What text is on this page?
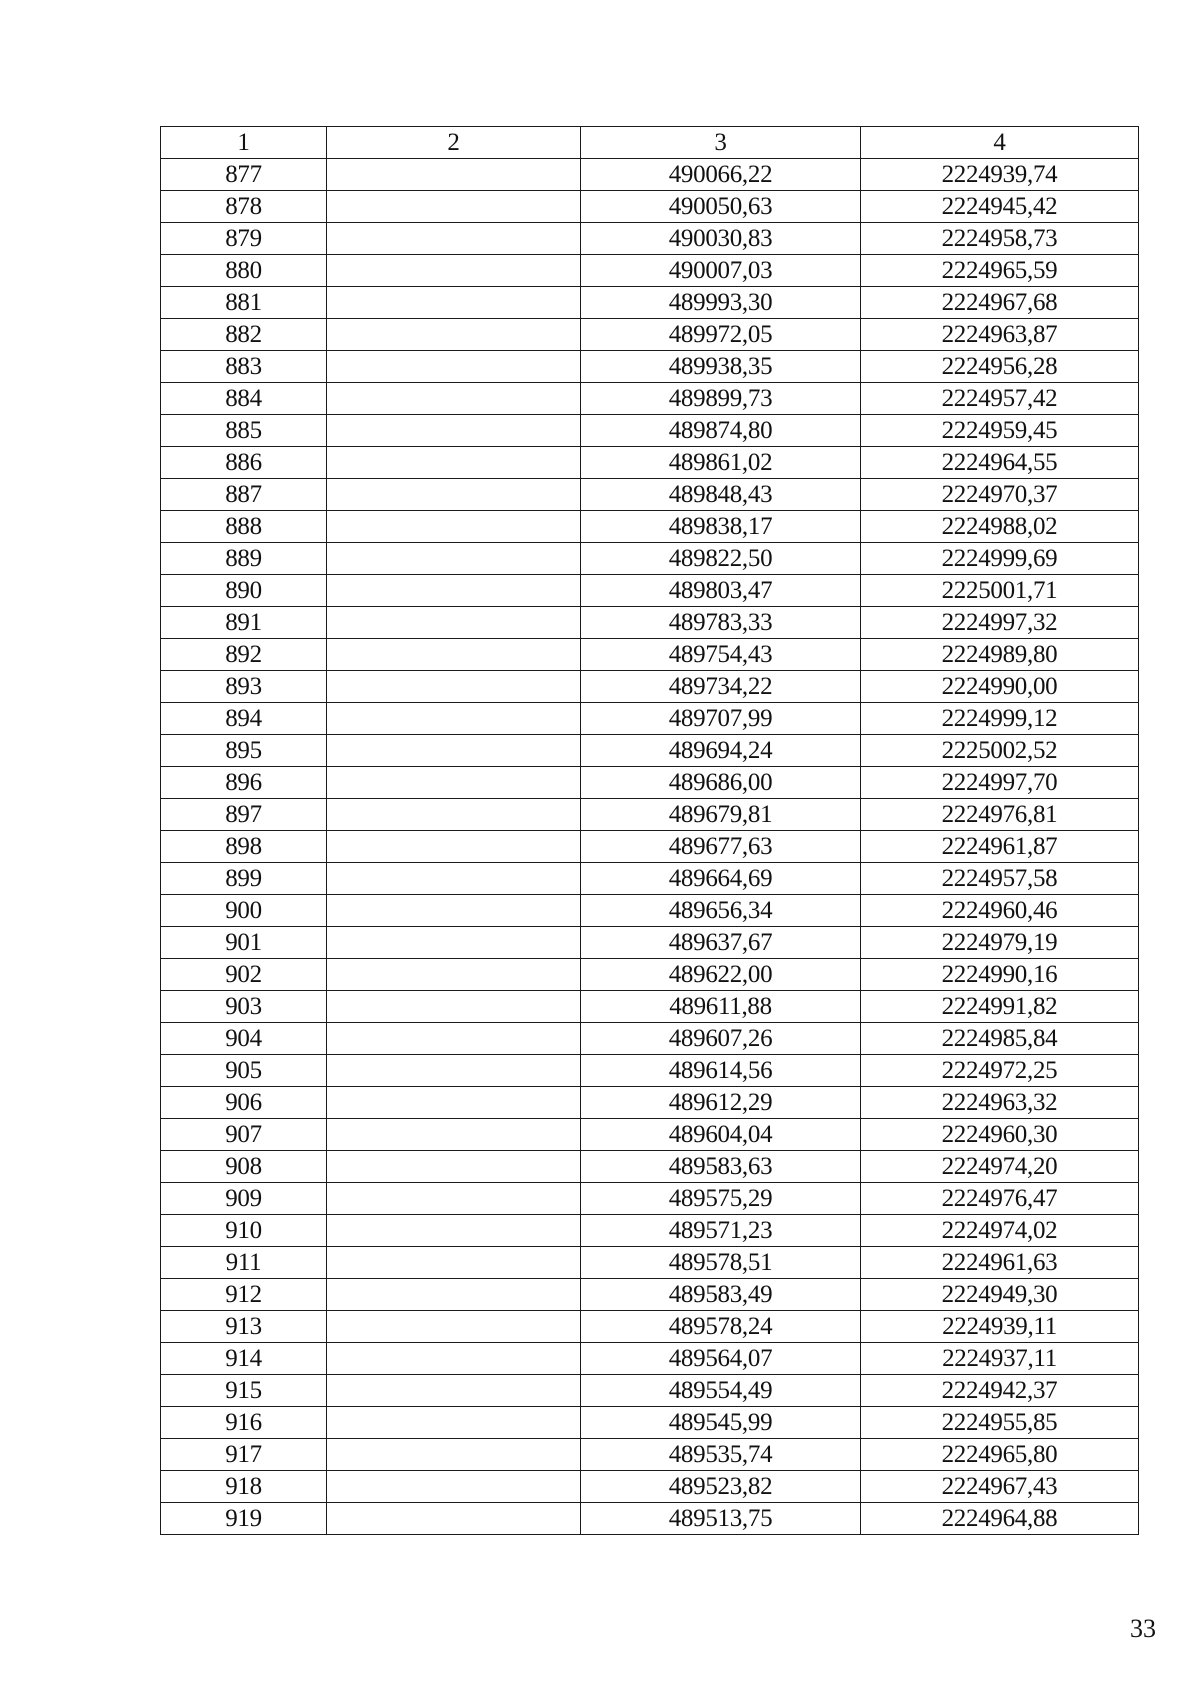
1	2	3	4
877		490066,22	2224939,74
878		490050,63	2224945,42
879		490030,83	2224958,73
880		490007,03	2224965,59
881		489993,30	2224967,68
882		489972,05	2224963,87
883		489938,35	2224956,28
884		489899,73	2224957,42
885		489874,80	2224959,45
886		489861,02	2224964,55
887		489848,43	2224970,37
888		489838,17	2224988,02
889		489822,50	2224999,69
890		489803,47	2225001,71
891		489783,33	2224997,32
892		489754,43	2224989,80
893		489734,22	2224990,00
894		489707,99	2224999,12
895		489694,24	2225002,52
896		489686,00	2224997,70
897		489679,81	2224976,81
898		489677,63	2224961,87
899		489664,69	2224957,58
900		489656,34	2224960,46
901		489637,67	2224979,19
902		489622,00	2224990,16
903		489611,88	2224991,82
904		489607,26	2224985,84
905		489614,56	2224972,25
906		489612,29	2224963,32
907		489604,04	2224960,30
908		489583,63	2224974,20
909		489575,29	2224976,47
910		489571,23	2224974,02
911		489578,51	2224961,63
912		489583,49	2224949,30
913		489578,24	2224939,11
914		489564,07	2224937,11
915		489554,49	2224942,37
916		489545,99	2224955,85
917		489535,74	2224965,80
918		489523,82	2224967,43
919		489513,75	2224964,88
33
